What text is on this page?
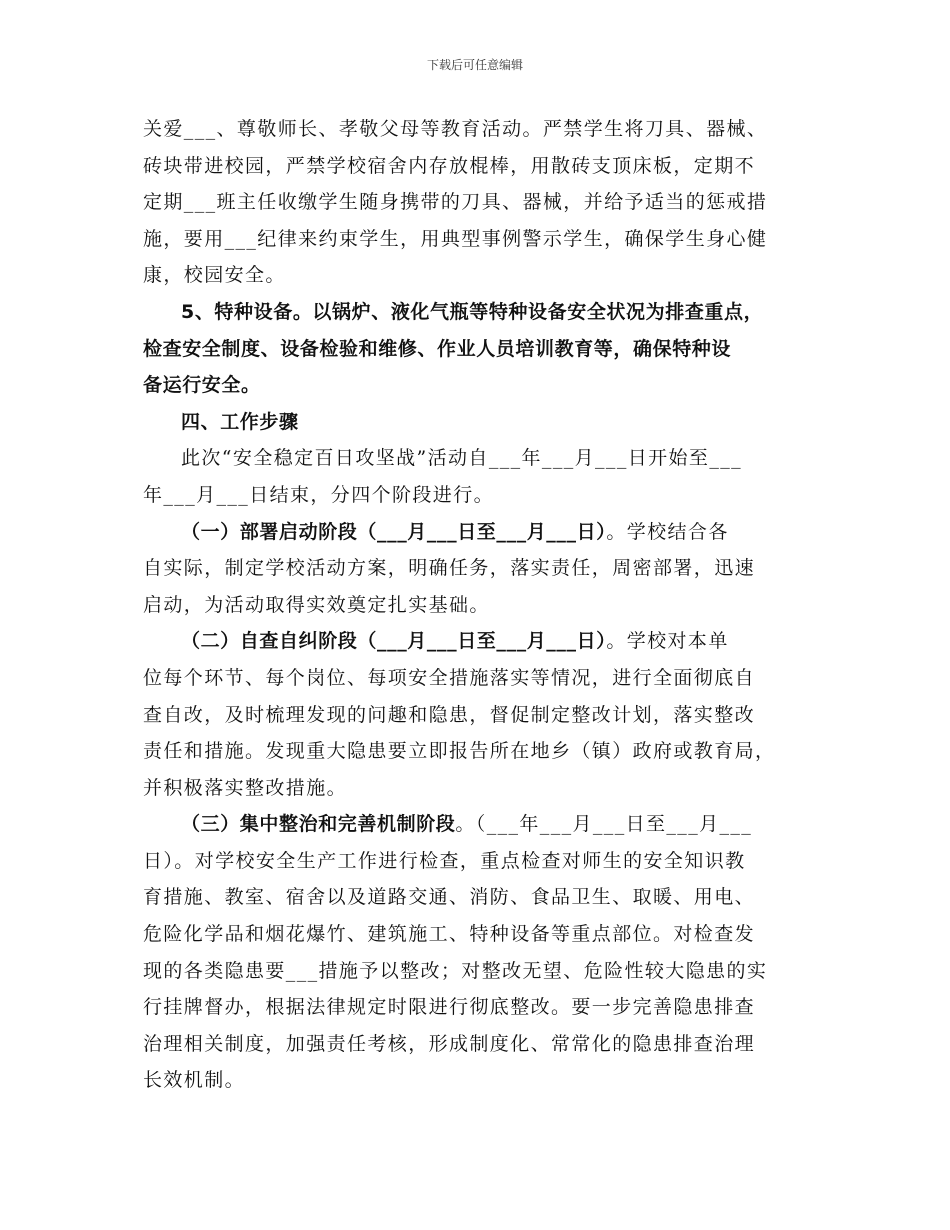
下载后可任意编辑
关爱___、尊敬师长、孝敬父母等教育活动。严禁学生将刀具、器械、
砖块带进校园，严禁学校宿舍内存放棍棒，用散砖支顶床板，定期不
定期___班主任收缴学生随身携带的刀具、器械，并给予适当的惩戒措
施，要用___纪律来约束学生，用典型事例警示学生，确保学生身心健
康，校园安全。
5、特种设备。以锅炉、液化气瓶等特种设备安全状况为排查重点，
检查安全制度、设备检验和维修、作业人员培训教育等，确保特种设
备运行安全。
四、工作步骤
此次“安全稳定百日攻坚战”活动自___年___月___日开始至___
年___月___日结束，分四个阶段进行。
（一）部署启动阶段（___月___日至___月___日）。学校结合各
自实际，制定学校活动方案，明确任务，落实责任，周密部署，迅速
启动，为活动取得实效奠定扎实基础。
（二）自查自纠阶段（___月___日至___月___日）。学校对本单
位每个环节、每个岗位、每项安全措施落实等情况，进行全面彻底自
查自改，及时梳理发现的问趣和隐患，督促制定整改计划，落实整改
责任和措施。发现重大隐患要立即报告所在地乡（镇）政府或教育局，
并积极落实整改措施。
（三）集中整治和完善机制阶段。（___年___月___日至___月___
日）。对学校安全生产工作进行检查，重点检查对师生的安全知识教
育措施、教室、宿舍以及道路交通、消防、食品卫生、取暖、用电、
危险化学品和烟花爆竹、建筑施工、特种设备等重点部位。对检查发
现的各类隐患要___措施予以整改；对整改无望、危险性较大隐患的实
行挂牌督办，根据法律规定时限进行彻底整改。要一步完善隐患排查
治理相关制度，加强责任考核，形成制度化、常常化的隐患排查治理
长效机制。
